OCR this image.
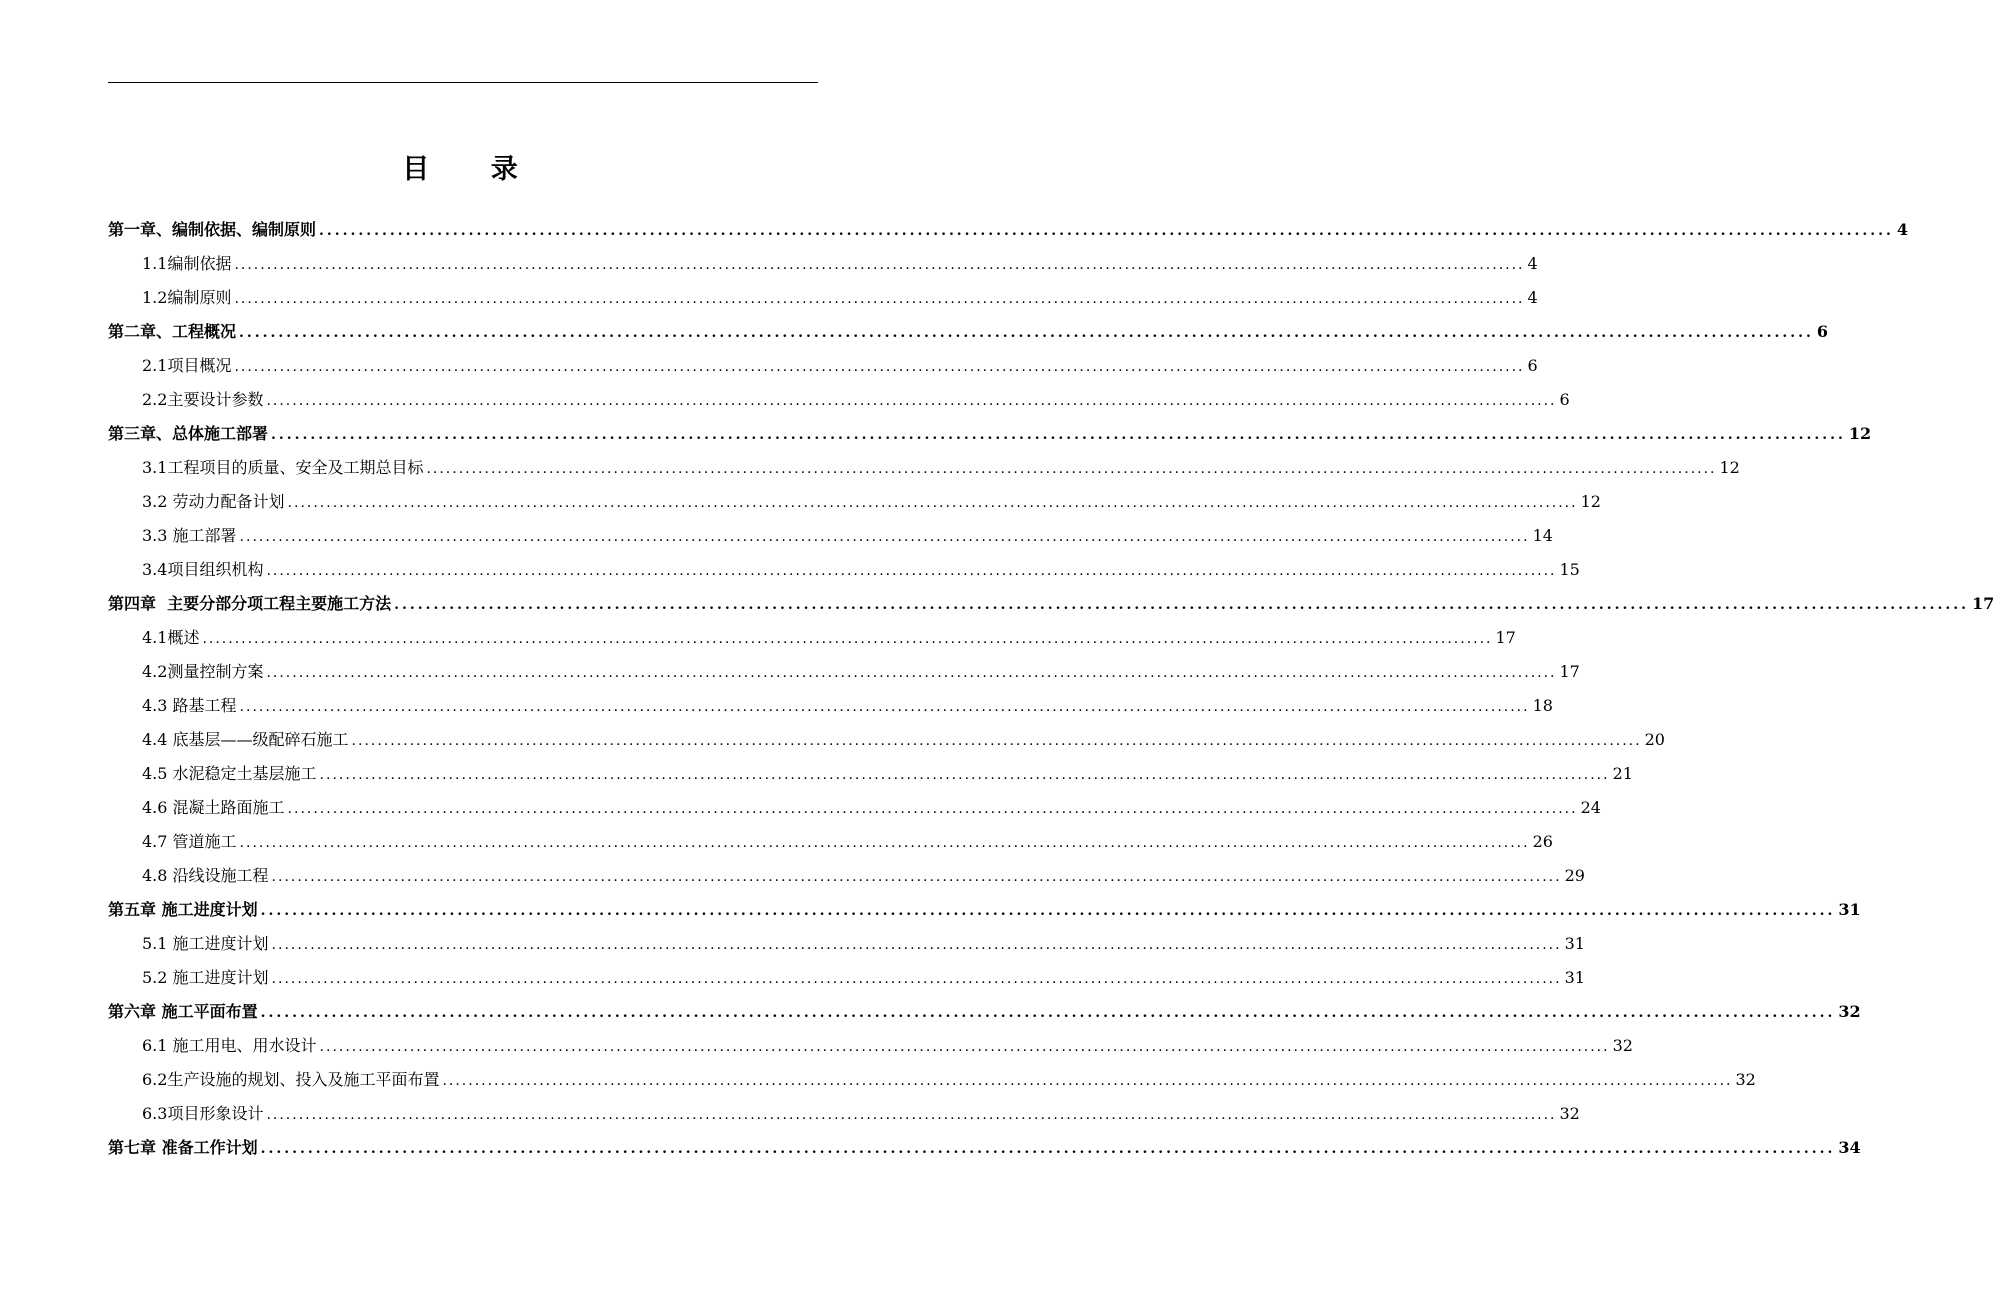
目 录
第一章、编制依据、编制原则 ........................................................................................................................................................................................................ 4
1.1编制依据 ........................................................................................................................................................................................................ 4
1.2编制原则 ........................................................................................................................................................................................................ 4
第二章、工程概况 ........................................................................................................................................................................................................ 6
2.1项目概况 ........................................................................................................................................................................................................ 6
2.2主要设计参数 ........................................................................................................................................................................................................ 6
第三章、总体施工部署 ........................................................................................................................................................................................................ 12
3.1工程项目的质量、安全及工期总目标 ........................................................................................................................................................................................................ 12
3.2 劳动力配备计划 ........................................................................................................................................................................................................ 12
3.3 施工部署 ........................................................................................................................................................................................................ 14
3.4项目组织机构 ........................................................................................................................................................................................................ 15
第四章  主要分部分项工程主要施工方法 ........................................................................................................................................................................................................ 17
4.1概述 ........................................................................................................................................................................................................ 17
4.2测量控制方案 ........................................................................................................................................................................................................ 17
4.3 路基工程 ........................................................................................................................................................................................................ 18
4.4 底基层——级配碎石施工 ........................................................................................................................................................................................................ 20
4.5 水泥稳定土基层施工 ........................................................................................................................................................................................................ 21
4.6 混凝土路面施工 ........................................................................................................................................................................................................ 24
4.7 管道施工 ........................................................................................................................................................................................................ 26
4.8 沿线设施工程 ........................................................................................................................................................................................................ 29
第五章 施工进度计划 ........................................................................................................................................................................................................ 31
5.1 施工进度计划 ........................................................................................................................................................................................................ 31
5.2 施工进度计划 ........................................................................................................................................................................................................ 31
第六章 施工平面布置 ........................................................................................................................................................................................................ 32
6.1 施工用电、用水设计 ........................................................................................................................................................................................................ 32
6.2生产设施的规划、投入及施工平面布置 ........................................................................................................................................................................................................ 32
6.3项目形象设计 ........................................................................................................................................................................................................ 32
第七章 准备工作计划 ........................................................................................................................................................................................................ 34
